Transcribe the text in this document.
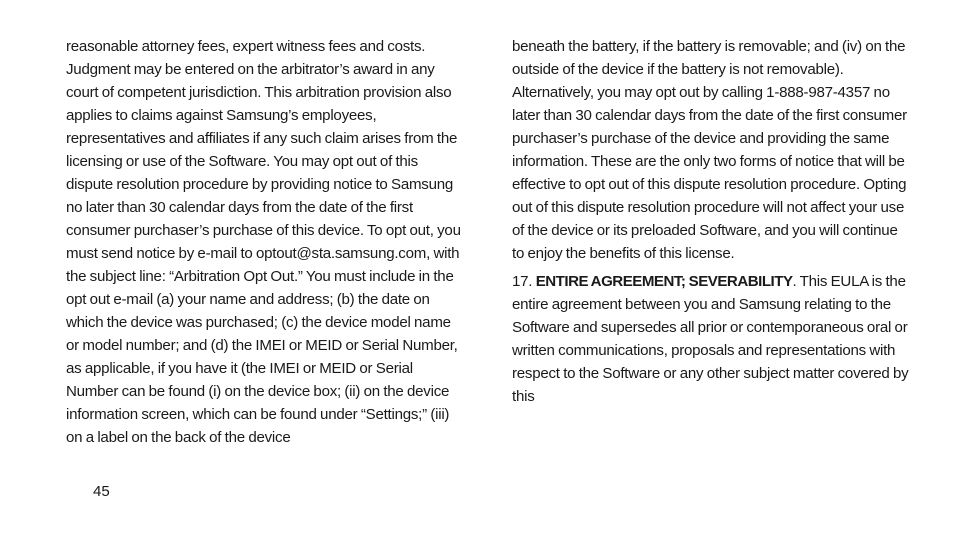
reasonable attorney fees, expert witness fees and costs. Judgment may be entered on the arbitrator’s award in any court of competent jurisdiction. This arbitration provision also applies to claims against Samsung’s employees, representatives and affiliates if any such claim arises from the licensing or use of the Software. You may opt out of this dispute resolution procedure by providing notice to Samsung no later than 30 calendar days from the date of the first consumer purchaser’s purchase of this device. To opt out, you must send notice by e-mail to optout@sta.samsung.com, with the subject line: “Arbitration Opt Out.” You must include in the opt out e-mail (a) your name and address; (b) the date on which the device was purchased; (c) the device model name or model number; and (d) the IMEI or MEID or Serial Number, as applicable, if you have it (the IMEI or MEID or Serial Number can be found (i) on the device box; (ii) on the device information screen, which can be found under “Settings;” (iii) on a label on the back of the device

beneath the battery, if the battery is removable; and (iv) on the outside of the device if the battery is not removable). Alternatively, you may opt out by calling 1-888-987-4357 no later than 30 calendar days from the date of the first consumer purchaser’s purchase of the device and providing the same information. These are the only two forms of notice that will be effective to opt out of this dispute resolution procedure. Opting out of this dispute resolution procedure will not affect your use of the device or its preloaded Software, and you will continue to enjoy the benefits of this license.

17. ENTIRE AGREEMENT; SEVERABILITY. This EULA is the entire agreement between you and Samsung relating to the Software and supersedes all prior or contemporaneous oral or written communications, proposals and representations with respect to the Software or any other subject matter covered by this

45
